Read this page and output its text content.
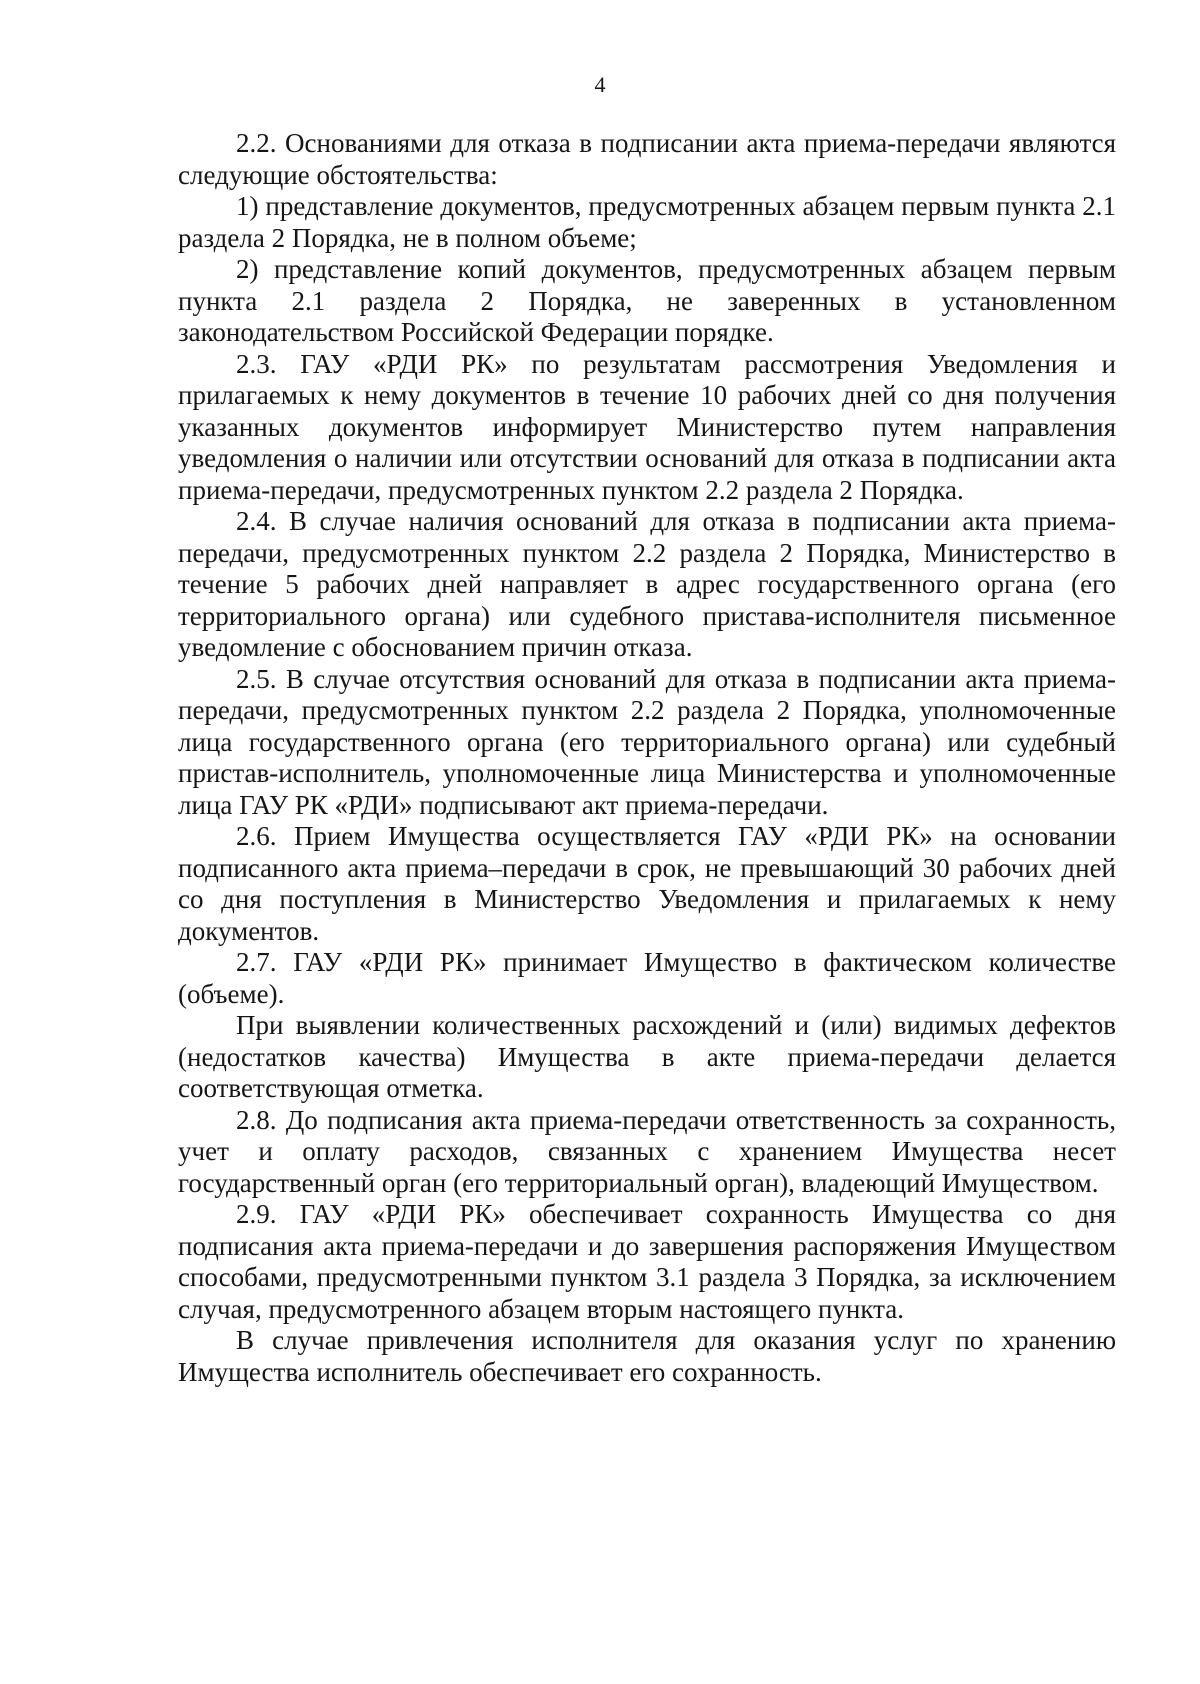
4

2.2. Основаниями для отказа в подписании акта приема-передачи являются следующие обстоятельства:

1) представление документов, предусмотренных абзацем первым пункта 2.1 раздела 2 Порядка, не в полном объеме;

2) представление копий документов, предусмотренных абзацем первым пункта 2.1 раздела 2 Порядка, не заверенных в установленном законодательством Российской Федерации порядке.

2.3. ГАУ «РДИ РК» по результатам рассмотрения Уведомления и прилагаемых к нему документов в течение 10 рабочих дней со дня получения указанных документов информирует Министерство путем направления уведомления о наличии или отсутствии оснований для отказа в подписании акта приема-передачи, предусмотренных пунктом 2.2 раздела 2 Порядка.

2.4. В случае наличия оснований для отказа в подписании акта приема-передачи, предусмотренных пунктом 2.2 раздела 2 Порядка, Министерство в течение 5 рабочих дней направляет в адрес государственного органа (его территориального органа) или судебного пристава-исполнителя письменное уведомление с обоснованием причин отказа.

2.5. В случае отсутствия оснований для отказа в подписании акта приема-передачи, предусмотренных пунктом 2.2 раздела 2 Порядка, уполномоченные лица государственного органа (его территориального органа) или судебный пристав-исполнитель, уполномоченные лица Министерства и уполномоченные лица ГАУ РК «РДИ» подписывают акт приема-передачи.

2.6. Прием Имущества осуществляется ГАУ «РДИ РК» на основании подписанного акта приема–передачи в срок, не превышающий 30 рабочих дней со дня поступления в Министерство Уведомления и прилагаемых к нему документов.

2.7. ГАУ «РДИ РК» принимает Имущество в фактическом количестве (объеме).

При выявлении количественных расхождений и (или) видимых дефектов (недостатков качества) Имущества в акте приема-передачи делается соответствующая отметка.

2.8. До подписания акта приема-передачи ответственность за сохранность, учет и оплату расходов, связанных с хранением Имущества несет государственный орган (его территориальный орган), владеющий Имуществом.

2.9. ГАУ «РДИ РК» обеспечивает сохранность Имущества со дня подписания акта приема-передачи и до завершения распоряжения Имуществом способами, предусмотренными пунктом 3.1 раздела 3 Порядка, за исключением случая, предусмотренного абзацем вторым настоящего пункта.

В случае привлечения исполнителя для оказания услуг по хранению Имущества исполнитель обеспечивает его сохранность.
